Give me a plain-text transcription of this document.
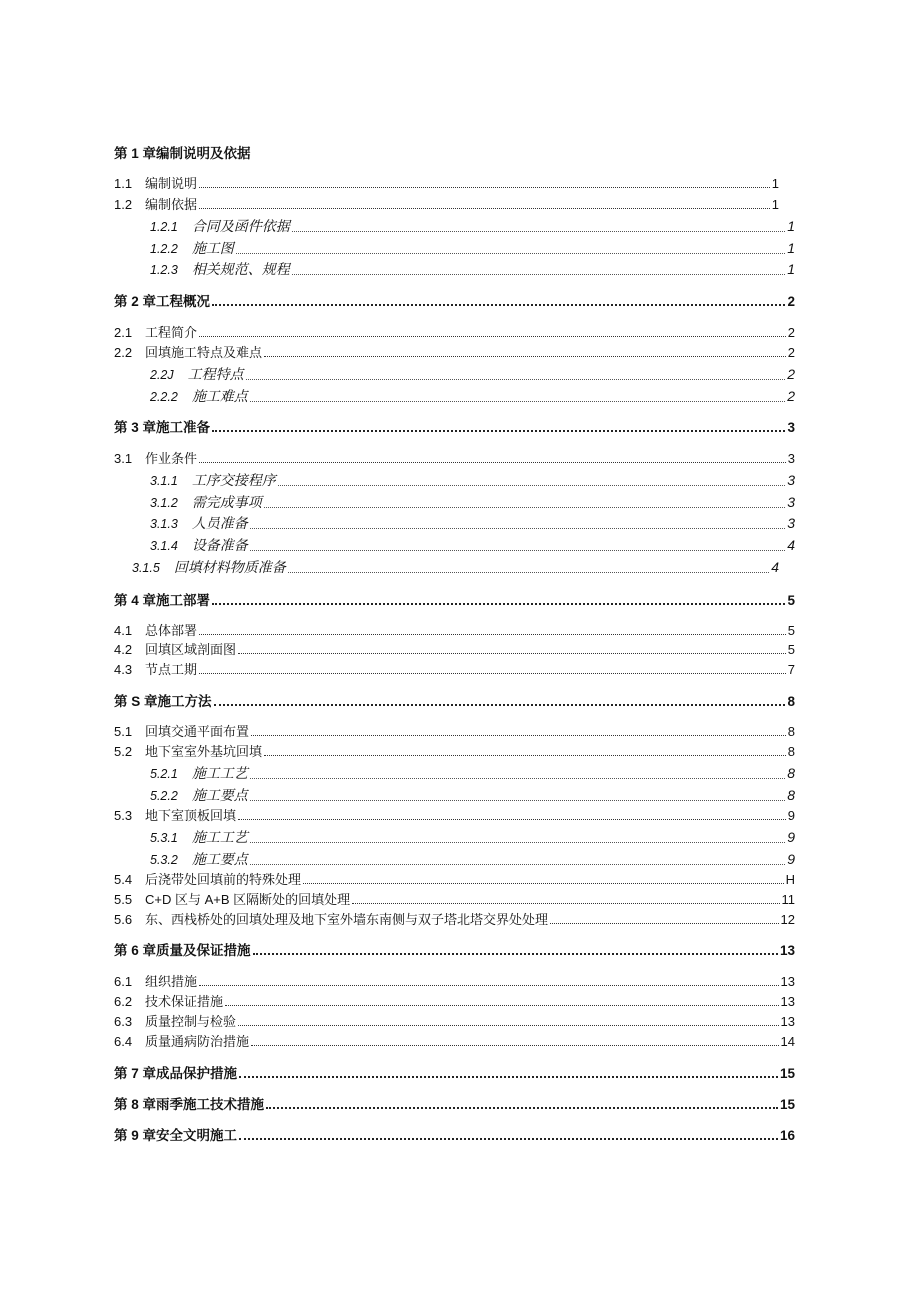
第 1 章 编制说明及依据
1.1 编制说明	1
1.2 编制依据	1
1.2.1 合同及函件依据	1
1.2.2 施工图	1
1.2.3 相关规范、规程	1
第 2 章 工程概况	2
2.1 工程简介	2
2.2 回填施工特点及难点	2
2.2J 工程特点	2
2.2.2 施工难点	2
第 3 章 施工准备	3
3.1 作业条件	3
3.1.1 工序交接程序	3
3.1.2 需完成事项	3
3.1.3 人员准备	3
3.1.4 设备准备	4
3.1.5 回填材料物质准备	4
第 4 章 施工部署	5
4.1 总体部署	5
4.2 回填区域剖面图	5
4.3 节点工期	7
第 S 章 施工方法	8
5.1 回填交通平面布置	8
5.2 地下室室外基坑回填	8
5.2.1 施工工艺	8
5.2.2 施工要点	8
5.3 地下室顶板回填	9
5.3.1 施工工艺	9
5.3.2 施工要点	9
5.4 后浇带处回填前的特殊处理	H
5.5 C+D 区与 A+B 区隔断处的回填处理	11
5.6 东、西栈桥处的回填处理及地下室外墙东南侧与双子塔北塔交界处处理	12
第 6 章 质量及保证措施	13
6.1 组织措施	13
6.2 技术保证措施	13
6.3 质量控制与检验	13
6.4 质量通病防治措施	14
第 7 章 成品保护措施	15
第 8 章 雨季施工技术措施	15
第 9 章 安全文明施工	16
